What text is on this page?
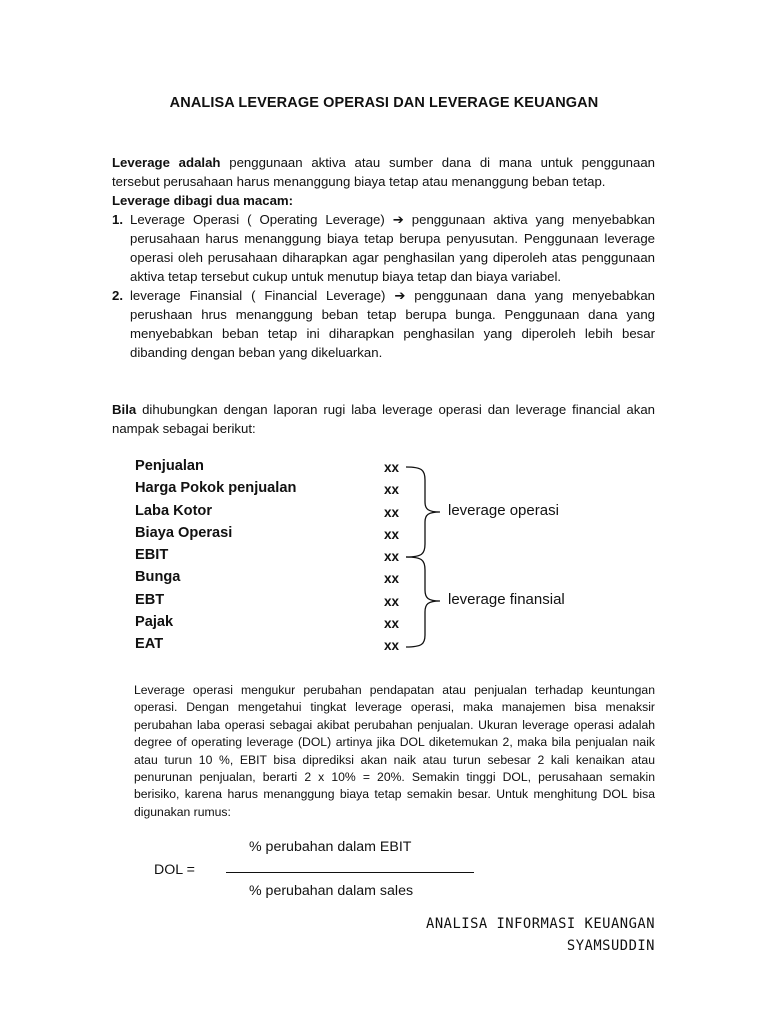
ANALISA LEVERAGE OPERASI DAN LEVERAGE KEUANGAN
Leverage adalah penggunaan aktiva atau sumber dana di mana untuk penggunaan tersebut perusahaan harus menanggung biaya tetap atau menanggung beban tetap.
Leverage dibagi dua macam:
1. Leverage Operasi ( Operating Leverage) ➔ penggunaan aktiva yang menyebabkan perusahaan harus menanggung biaya tetap berupa penyusutan. Penggunaan leverage operasi oleh perusahaan diharapkan agar penghasilan yang diperoleh atas penggunaan aktiva tetap tersebut cukup untuk menutup biaya tetap dan biaya variabel.
2. leverage Finansial ( Financial Leverage) ➔ penggunaan dana yang menyebabkan perushaan hrus menanggung beban tetap berupa bunga. Penggunaan dana yang menyebabkan beban tetap ini diharapkan penghasilan yang diperoleh lebih besar dibanding dengan beban yang dikeluarkan.
Bila dihubungkan dengan laporan rugi laba leverage operasi dan leverage financial akan nampak sebagai berikut:
Penjualan	xx
Harga Pokok penjualan	xx
Laba Kotor	xx
Biaya Operasi	xx
EBIT	xx
Bunga	xx
EBT	xx
Pajak	xx
EAT	xx
leverage operasi
leverage finansial
Leverage operasi mengukur perubahan pendapatan atau penjualan terhadap keuntungan operasi. Dengan mengetahui tingkat leverage operasi, maka manajemen bisa menaksir perubahan laba operasi sebagai akibat perubahan penjualan. Ukuran leverage operasi adalah degree of operating leverage (DOL) artinya jika DOL diketemukan 2, maka bila penjualan naik atau turun 10 %, EBIT bisa diprediksi akan naik atau turun sebesar 2 kali kenaikan atau penurunan penjualan, berarti 2 x 10% = 20%. Semakin tinggi DOL, perusahaan semakin berisiko, karena harus menanggung biaya tetap semakin besar. Untuk menghitung DOL bisa digunakan rumus:
DOL =
% perubahan dalam EBIT
% perubahan dalam sales
ANALISA INFORMASI KEUANGAN
SYAMSUDDIN
